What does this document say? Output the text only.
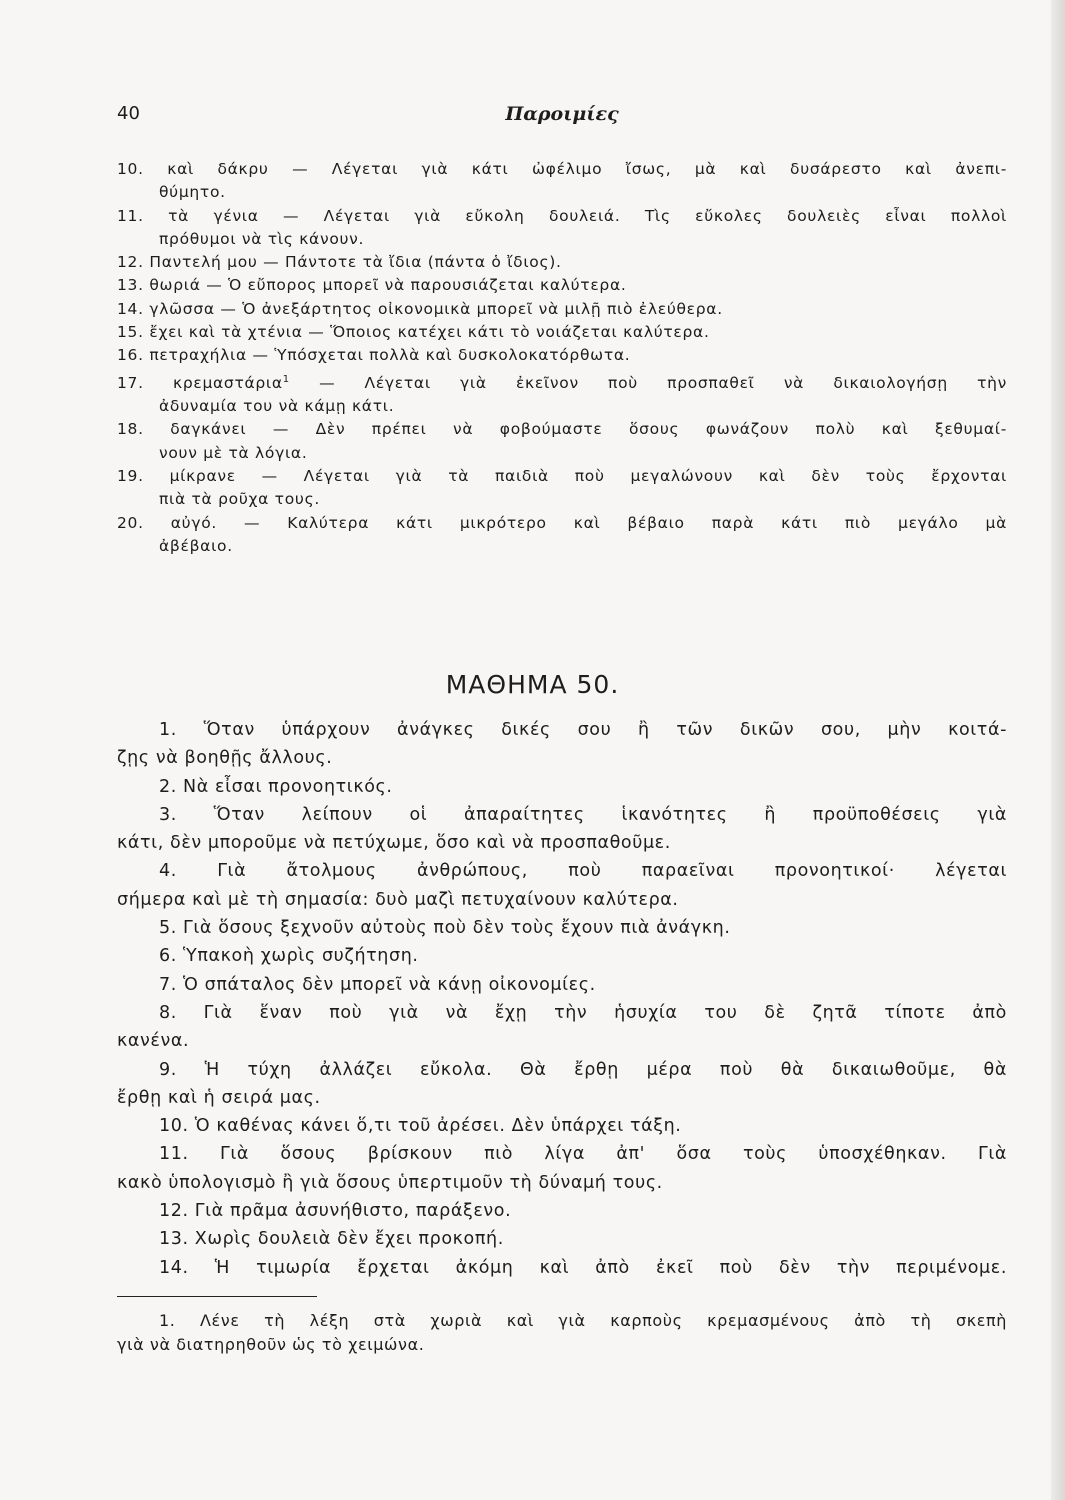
40	Παροιμίες
10. καὶ δάκρυ — Λέγεται γιὰ κάτι ὠφέλιμο ἴσως, μὰ καὶ δυσάρεστο καὶ ἀνεπι-
θύμητο.
11. τὰ γένια — Λέγεται γιὰ εὔκολη δουλειά. Τὶς εὔκολες δουλειὲς εἶναι πολλοὶ
πρόθυμοι νὰ τὶς κάνουν.
12. Παντελή μου — Πάντοτε τὰ ἴδια (πάντα ὁ ἴδιος).
13. θωριά — Ὁ εὔπορος μπορεῖ νὰ παρουσιάζεται καλύτερα.
14. γλῶσσα — Ὁ ἀνεξάρτητος οἰκονομικὰ μπορεῖ νὰ μιλῇ πιὸ ἐλεύθερα.
15. ἔχει καὶ τὰ χτένια — Ὅποιος κατέχει κάτι τὸ νοιάζεται καλύτερα.
16. πετραχήλια — Ὑπόσχεται πολλὰ καὶ δυσκολοκατόρθωτα.
17. κρεμαστάρια$^1$ — Λέγεται γιὰ ἐκεῖνον ποὺ προσπαθεῖ νὰ δικαιολογήσῃ τὴν
ἀδυναμία του νὰ κάμῃ κάτι.
18. δαγκάνει — Δὲν πρέπει νὰ φοβούμαστε ὅσους φωνάζουν πολὺ καὶ ξεθυμαί-
νουν μὲ τὰ λόγια.
19. μίκρανε — Λέγεται γιὰ τὰ παιδιὰ ποὺ μεγαλώνουν καὶ δὲν τοὺς ἔρχονται
πιὰ τὰ ροῦχα τους.
20. αὐγό. — Καλύτερα κάτι μικρότερο καὶ βέβαιο παρὰ κάτι πιὸ μεγάλο μὰ
ἀβέβαιο.
ΜΑΘΗΜΑ 50.
1. Ὅταν ὑπάρχουν ἀνάγκες δικές σου ἢ τῶν δικῶν σου, μὴν κοιτά-
ζῃς νὰ βοηθῇς ἄλλους.
2. Νὰ εἶσαι προνοητικός.
3. Ὅταν λείπουν οἱ ἀπαραίτητες ἱκανότητες ἢ προϋποθέσεις γιὰ
κάτι, δὲν μποροῦμε νὰ πετύχωμε, ὅσο καὶ νὰ προσπαθοῦμε.
4. Γιὰ ἄτολμους ἀνθρώπους, ποὺ παραεῖναι προνοητικοί· λέγεται
σήμερα καὶ μὲ τὴ σημασία: δυὸ μαζὶ πετυχαίνουν καλύτερα.
5. Γιὰ ὅσους ξεχνοῦν αὐτοὺς ποὺ δὲν τοὺς ἔχουν πιὰ ἀνάγκη.
6. Ὑπακοὴ χωρὶς συζήτηση.
7. Ὁ σπάταλος δὲν μπορεῖ νὰ κάνῃ οἰκονομίες.
8. Γιὰ ἕναν ποὺ γιὰ νὰ ἔχῃ τὴν ἡσυχία του δὲ ζητᾶ τίποτε ἀπὸ
κανένα.
9. Ἡ τύχη ἀλλάζει εὔκολα. Θὰ ἔρθῃ μέρα ποὺ θὰ δικαιωθοῦμε, θὰ
ἔρθῃ καὶ ἡ σειρά μας.
10. Ὁ καθένας κάνει ὅ,τι τοῦ ἀρέσει. Δὲν ὑπάρχει τάξη.
11. Γιὰ ὅσους βρίσκουν πιὸ λίγα ἀπ' ὅσα τοὺς ὑποσχέθηκαν. Γιὰ
κακὸ ὑπολογισμὸ ἢ γιὰ ὅσους ὑπερτιμοῦν τὴ δύναμή τους.
12. Γιὰ πρᾶμα ἀσυνήθιστο, παράξενο.
13. Χωρὶς δουλειὰ δὲν ἔχει προκοπή.
14. Ἡ τιμωρία ἔρχεται ἀκόμη καὶ ἀπὸ ἐκεῖ ποὺ δὲν τὴν περιμένομε.
1. Λένε τὴ λέξη στὰ χωριὰ καὶ γιὰ καρποὺς κρεμασμένους ἀπὸ τὴ σκεπὴ
γιὰ νὰ διατηρηθοῦν ὡς τὸ χειμώνα.
